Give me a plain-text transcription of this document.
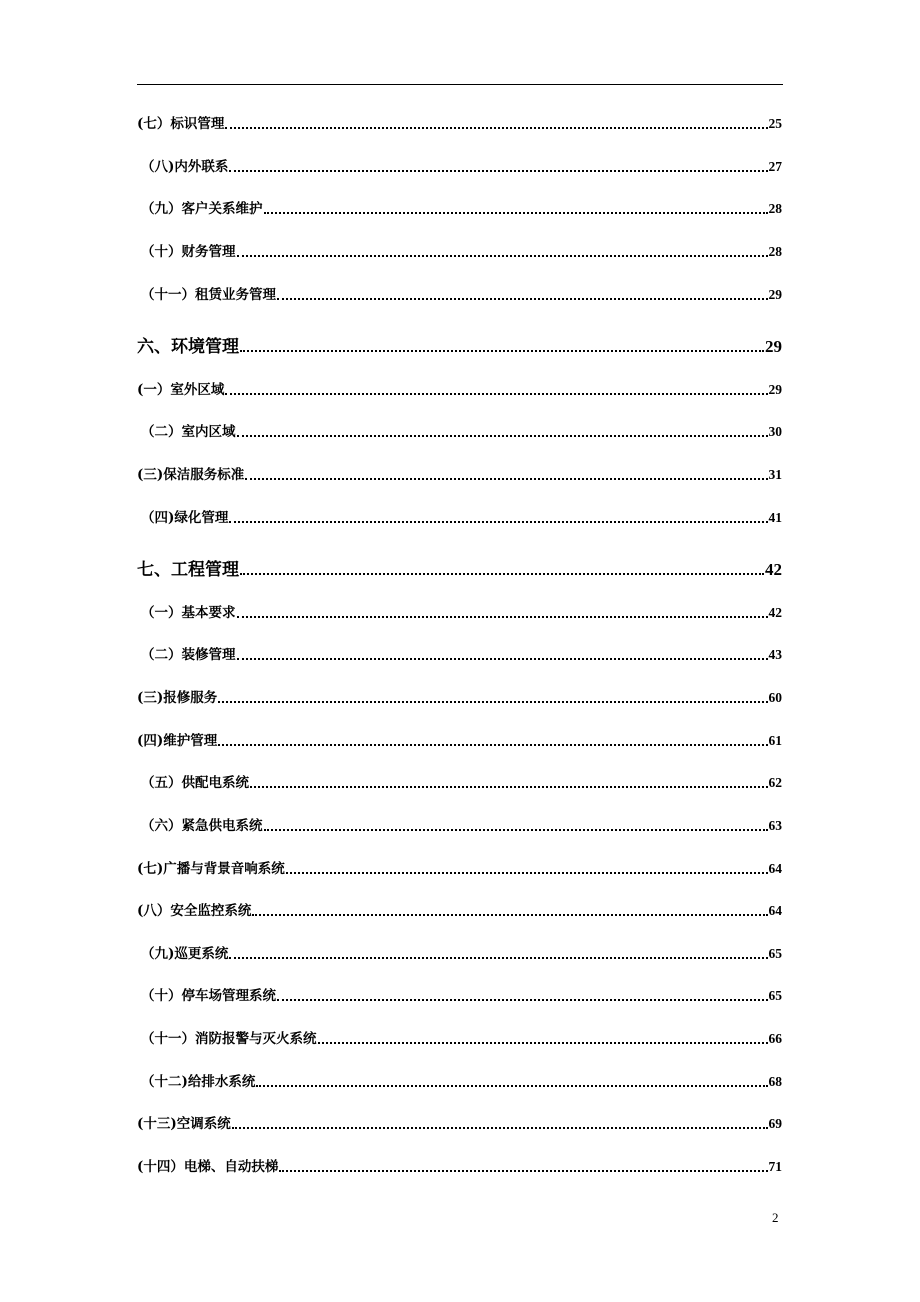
(七）标识管理	25
（八)内外联系	27
（九）客户关系维护	28
（十）财务管理	28
（十一）租赁业务管理	29
六、环境管理	29
(一）室外区域	29
（二）室内区域	30
(三)保洁服务标准	31
（四)绿化管理	41
七、工程管理	42
（一）基本要求	42
（二）装修管理	43
(三)报修服务	60
(四)维护管理	61
（五）供配电系统	62
（六）紧急供电系统	63
(七)广播与背景音响系统	64
(八）安全监控系统	64
（九)巡更系统	65
（十）停车场管理系统	65
（十一）消防报警与灭火系统	66
（十二)给排水系统	68
(十三)空调系统	69
(十四）电梯、自动扶梯	71
2
